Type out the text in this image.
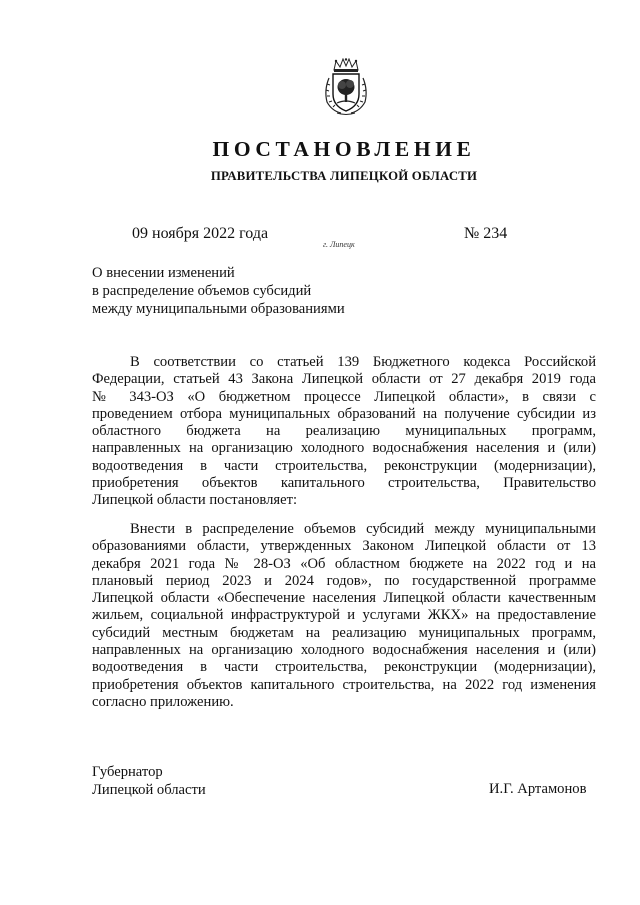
ПОСТАНОВЛЕНИЕ
ПРАВИТЕЛЬСТВА ЛИПЕЦКОЙ ОБЛАСТИ
09 ноября 2022 года
г. Липецк
№ 234
О внесении изменений
в распределение объемов субсидий
между муниципальными образованиями
В соответствии со статьей 139 Бюджетного кодекса Российской
Федерации, статьей 43 Закона Липецкой области от 27 декабря 2019 года
№ 343-ОЗ «О бюджетном процессе Липецкой области», в связи с
проведением отбора муниципальных образований на получение субсидии из
областного бюджета на реализацию муниципальных программ,
направленных на организацию холодного водоснабжения населения и (или)
водоотведения в части строительства, реконструкции (модернизации),
приобретения объектов капитального строительства, Правительство
Липецкой области постановляет:
Внести в распределение объемов субсидий между муниципальными
образованиями области, утвержденных Законом Липецкой области от 13
декабря 2021 года № 28-ОЗ «Об областном бюджете на 2022 год и на
плановый период 2023 и 2024 годов», по государственной программе
Липецкой области «Обеспечение населения Липецкой области качественным
жильем, социальной инфраструктурой и услугами ЖКХ» на предоставление
субсидий местным бюджетам на реализацию муниципальных программ,
направленных на организацию холодного водоснабжения населения и (или)
водоотведения в части строительства, реконструкции (модернизации),
приобретения объектов капитального строительства, на 2022 год изменения
согласно приложению.
Губернатор
Липецкой области	И.Г. Артамонов
